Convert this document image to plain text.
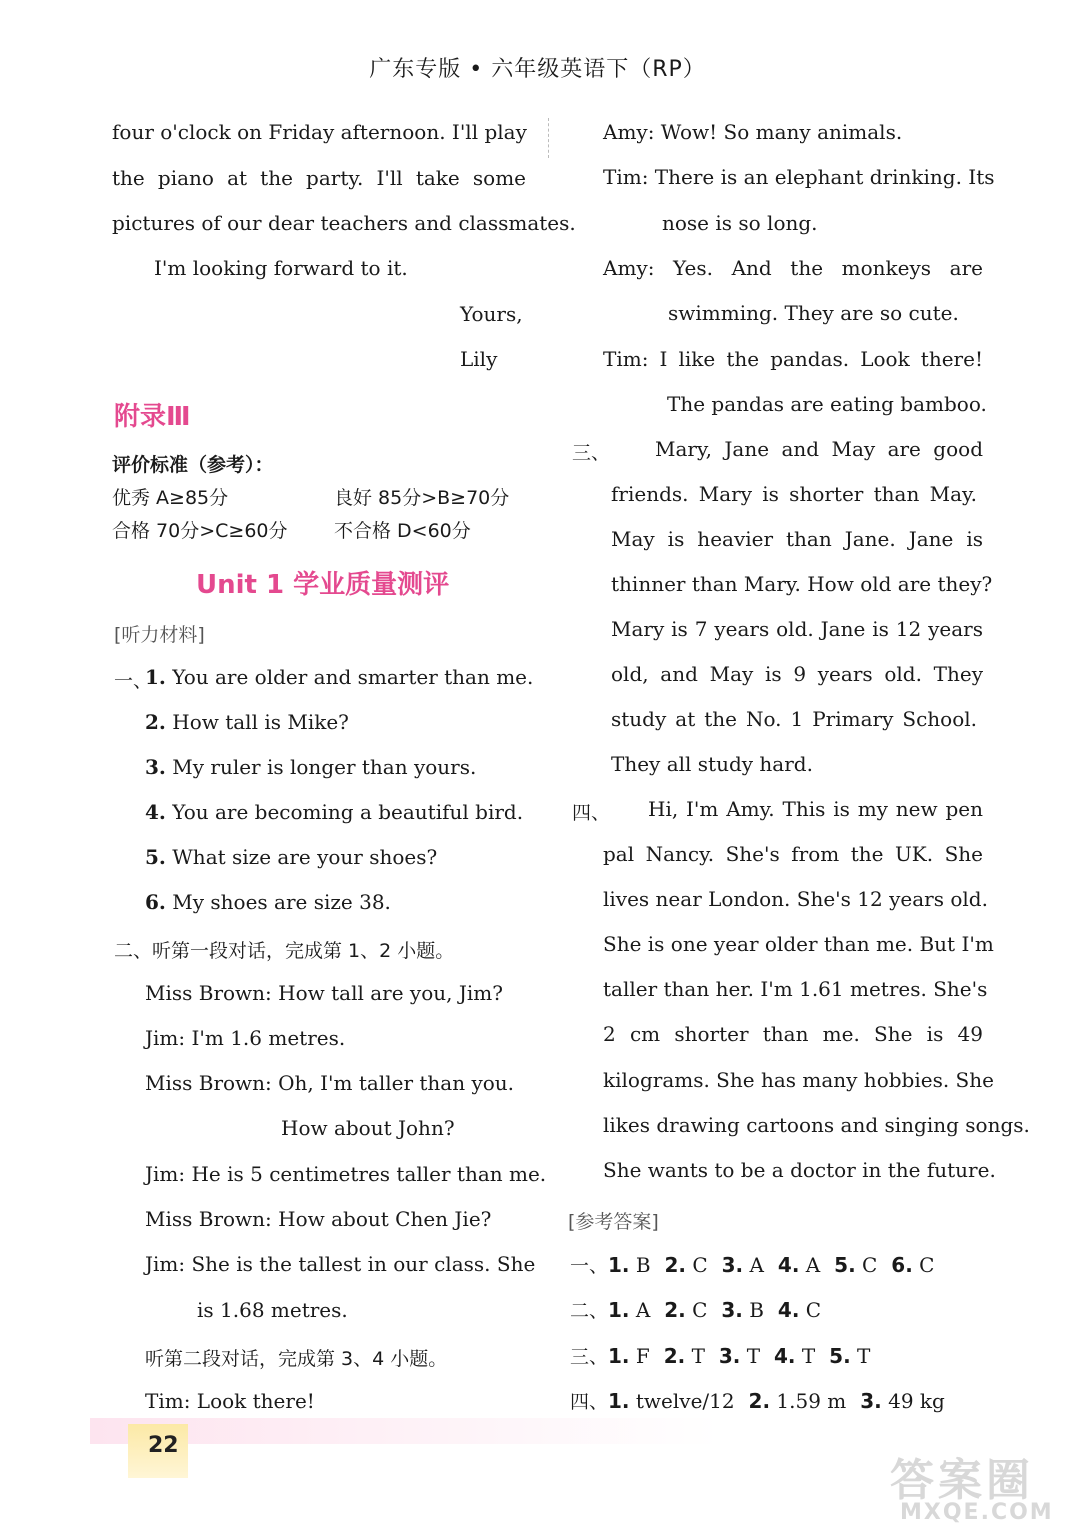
广东专版 • 六年级英语下（RP）
four o'clock on Friday afternoon. I'll play
the piano at the party. I'll take some
pictures of our dear teachers and classmates.
I'm looking forward to it.
Yours,
Lily
附录Ⅲ
评价标准（参考）：
优秀 A≥85分	良好 85分>B≥70分
合格 70分>C≥60分 不合格 D<60分
Unit 1 学业质量测评
[听力材料]
一、
1. You are older and smarter than me.
2. How tall is Mike?
3. My ruler is longer than yours.
4. You are becoming a beautiful bird.
5. What size are your shoes?
6. My shoes are size 38.
二、听第一段对话，完成第 1、2 小题。
Miss Brown: How tall are you, Jim?
Jim: I'm 1.6 metres.
Miss Brown: Oh, I'm taller than you.
How about John?
Jim: He is 5 centimetres taller than me.
Miss Brown: How about Chen Jie?
Jim: She is the tallest in our class. She
is 1.68 metres.
听第二段对话，完成第 3、4 小题。
Tim: Look there!
Amy: Wow! So many animals.
Tim: There is an elephant drinking. Its
nose is so long.
Amy: Yes. And the monkeys are
swimming. They are so cute.
Tim: I like the pandas. Look there!
The pandas are eating bamboo.
三、 Mary, Jane and May are good
friends. Mary is shorter than May.
May is heavier than Jane. Jane is
thinner than Mary. How old are they?
Mary is 7 years old. Jane is 12 years
old, and May is 9 years old. They
study at the No. 1 Primary School.
They all study hard.
四、 Hi, I'm Amy. This is my new pen
pal Nancy. She's from the UK. She
lives near London. She's 12 years old.
She is one year older than me. But I'm
taller than her. I'm 1.61 metres. She's
2 cm shorter than me. She is 49
kilograms. She has many hobbies. She
likes drawing cartoons and singing songs.
She wants to be a doctor in the future.
[参考答案]
一、1. B  2. C  3. A  4. A  5. C  6. C
二、1. A  2. C  3. B  4. C
三、1. F  2. T  3. T  4. T  5. T
四、1. twelve/12  2. 1.59 m  3. 49 kg
22
答案圈
MXQE.COM
